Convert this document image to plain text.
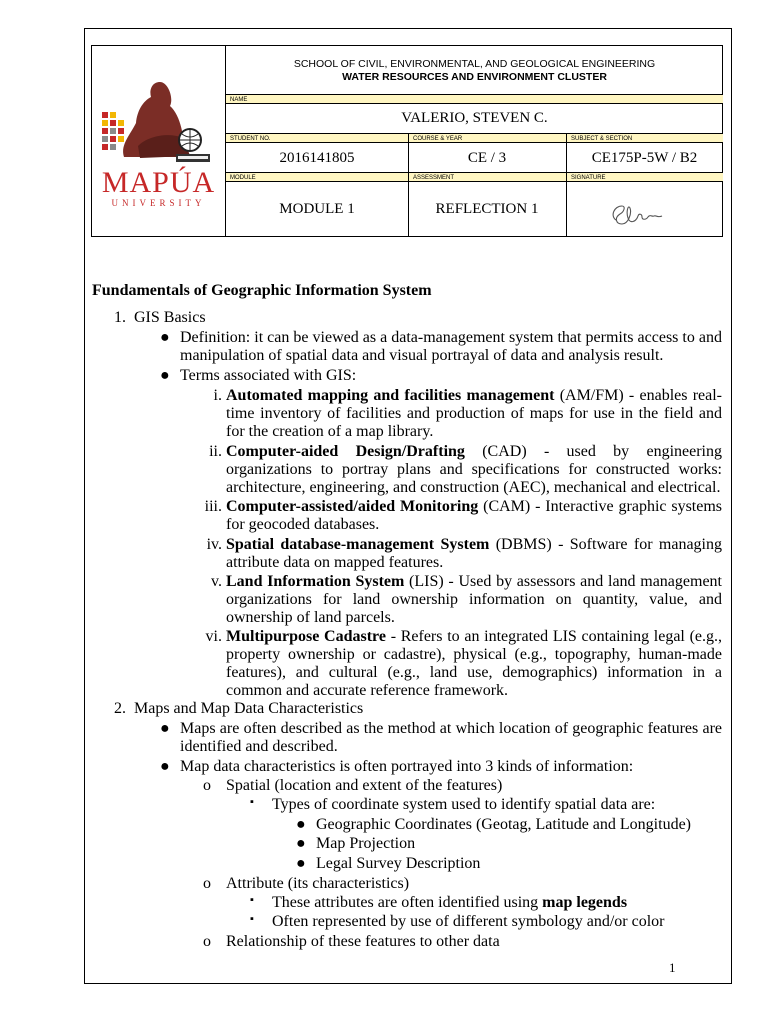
MAPÚA
UNIVERSITY
SCHOOL OF CIVIL, ENVIRONMENTAL, AND GEOLOGICAL ENGINEERING
WATER RESOURCES AND ENVIRONMENT CLUSTER
NAME
VALERIO, STEVEN C.
STUDENT NO.	COURSE & YEAR	SUBJECT & SECTION
2016141805	CE / 3	CE175P-5W / B2
MODULE	ASSESSMENT	SIGNATURE
MODULE 1	REFLECTION 1
Fundamentals of Geographic Information System
1. GIS Basics
● Definition: it can be viewed as a data-management system that permits access to and manipulation of spatial data and visual portrayal of data and analysis result.
● Terms associated with GIS:
i. Automated mapping and facilities management (AM/FM) - enables real-time inventory of facilities and production of maps for use in the field and for the creation of a map library.
ii. Computer-aided Design/Drafting (CAD) - used by engineering organizations to portray plans and specifications for constructed works: architecture, engineering, and construction (AEC), mechanical and electrical.
iii. Computer-assisted/aided Monitoring (CAM) - Interactive graphic systems for geocoded databases.
iv. Spatial database-management System (DBMS) - Software for managing attribute data on mapped features.
v. Land Information System (LIS) - Used by assessors and land management organizations for land ownership information on quantity, value, and ownership of land parcels.
vi. Multipurpose Cadastre - Refers to an integrated LIS containing legal (e.g., property ownership or cadastre), physical (e.g., topography, human-made features), and cultural (e.g., land use, demographics) information in a common and accurate reference framework.
2. Maps and Map Data Characteristics
● Maps are often described as the method at which location of geographic features are identified and described.
● Map data characteristics is often portrayed into 3 kinds of information:
o Spatial (location and extent of the features)
▪ Types of coordinate system used to identify spatial data are:
● Geographic Coordinates (Geotag, Latitude and Longitude)
● Map Projection
● Legal Survey Description
o Attribute (its characteristics)
▪ These attributes are often identified using map legends
▪ Often represented by use of different symbology and/or color
o Relationship of these features to other data
1
